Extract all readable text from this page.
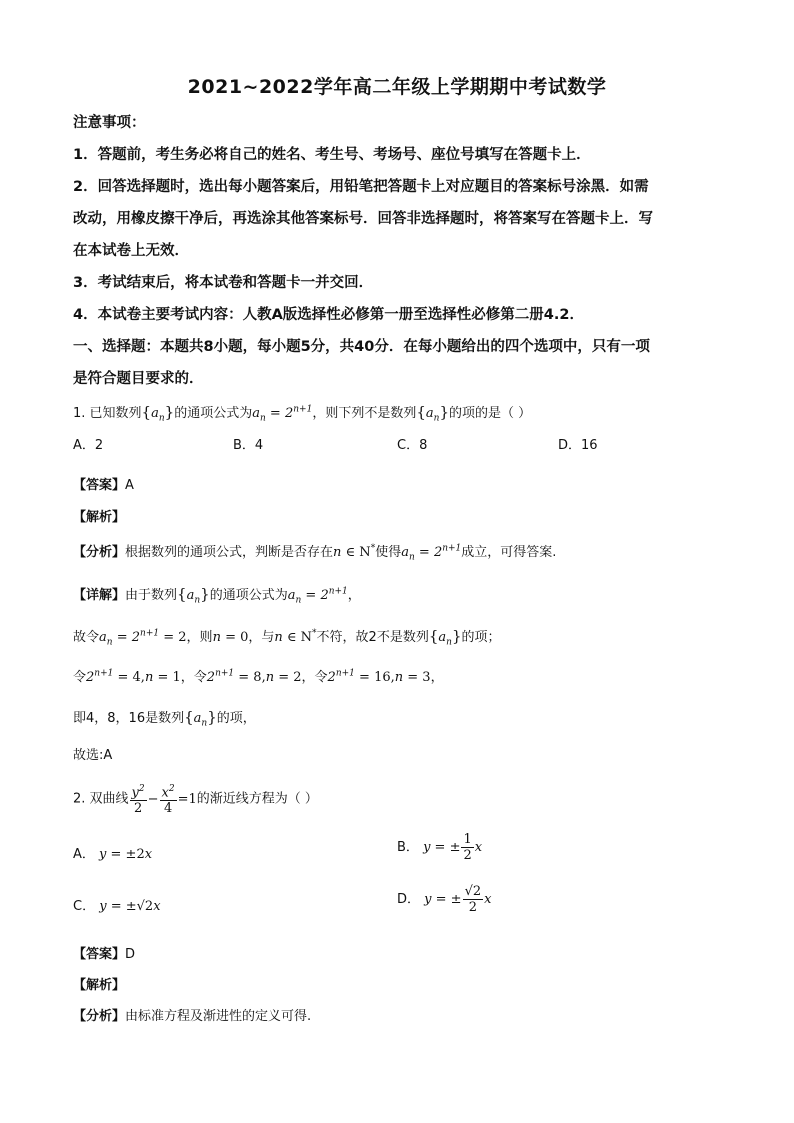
2021~2022学年高二年级上学期期中考试数学
注意事项：
1．答题前，考生务必将自己的姓名、考生号、考场号、座位号填写在答题卡上．
2．回答选择题时，选出每小题答案后，用铅笔把答题卡上对应题目的答案标号涂黑．如需
改动，用橡皮擦干净后，再选涂其他答案标号．回答非选择题时，将答案写在答题卡上．写
在本试卷上无效．
3．考试结束后，将本试卷和答题卡一并交回．
4．本试卷主要考试内容：人教A版选择性必修第一册至选择性必修第二册4.2．
一、选择题：本题共8小题，每小题5分，共40分．在每小题给出的四个选项中，只有一项
是符合题目要求的．
1. 已知数列$\{a_n\}$的通项公式为$a_n = 2^{n+1}$，则下列不是数列$\{a_n\}$的项的是（ ）
A．2	B．4	C．8	D．16
【答案】A
【解析】
【分析】根据数列的通项公式，判断是否存在n ∈ N*使得$a_n = 2^{n+1}$成立，可得答案.
【详解】由于数列$\{a_n\}$的通项公式为$a_n = 2^{n+1}$，
故令$a_n = 2^{n+1} = 2$，则n = 0，与n ∈ N*不符，故2不是数列$\{a_n\}$的项；
令$2^{n+1} = 4,n = 1$，令$2^{n+1} = 8,n = 2$，令$2^{n+1} = 16,n = 3$，
即4，8，16是数列$\{a_n\}$的项，
故选:A
2. 双曲线 $\frac{y^2}{2} - \frac{x^2}{4} =1$的渐近线方程为（ ）
A． y = ±2x	B． y = ± $\frac{1}{2}$ x
C． y = ±√2x	D． y = ± $\frac{√2}{2}$ x
【答案】D
【解析】
【分析】由标准方程及渐进性的定义可得.
